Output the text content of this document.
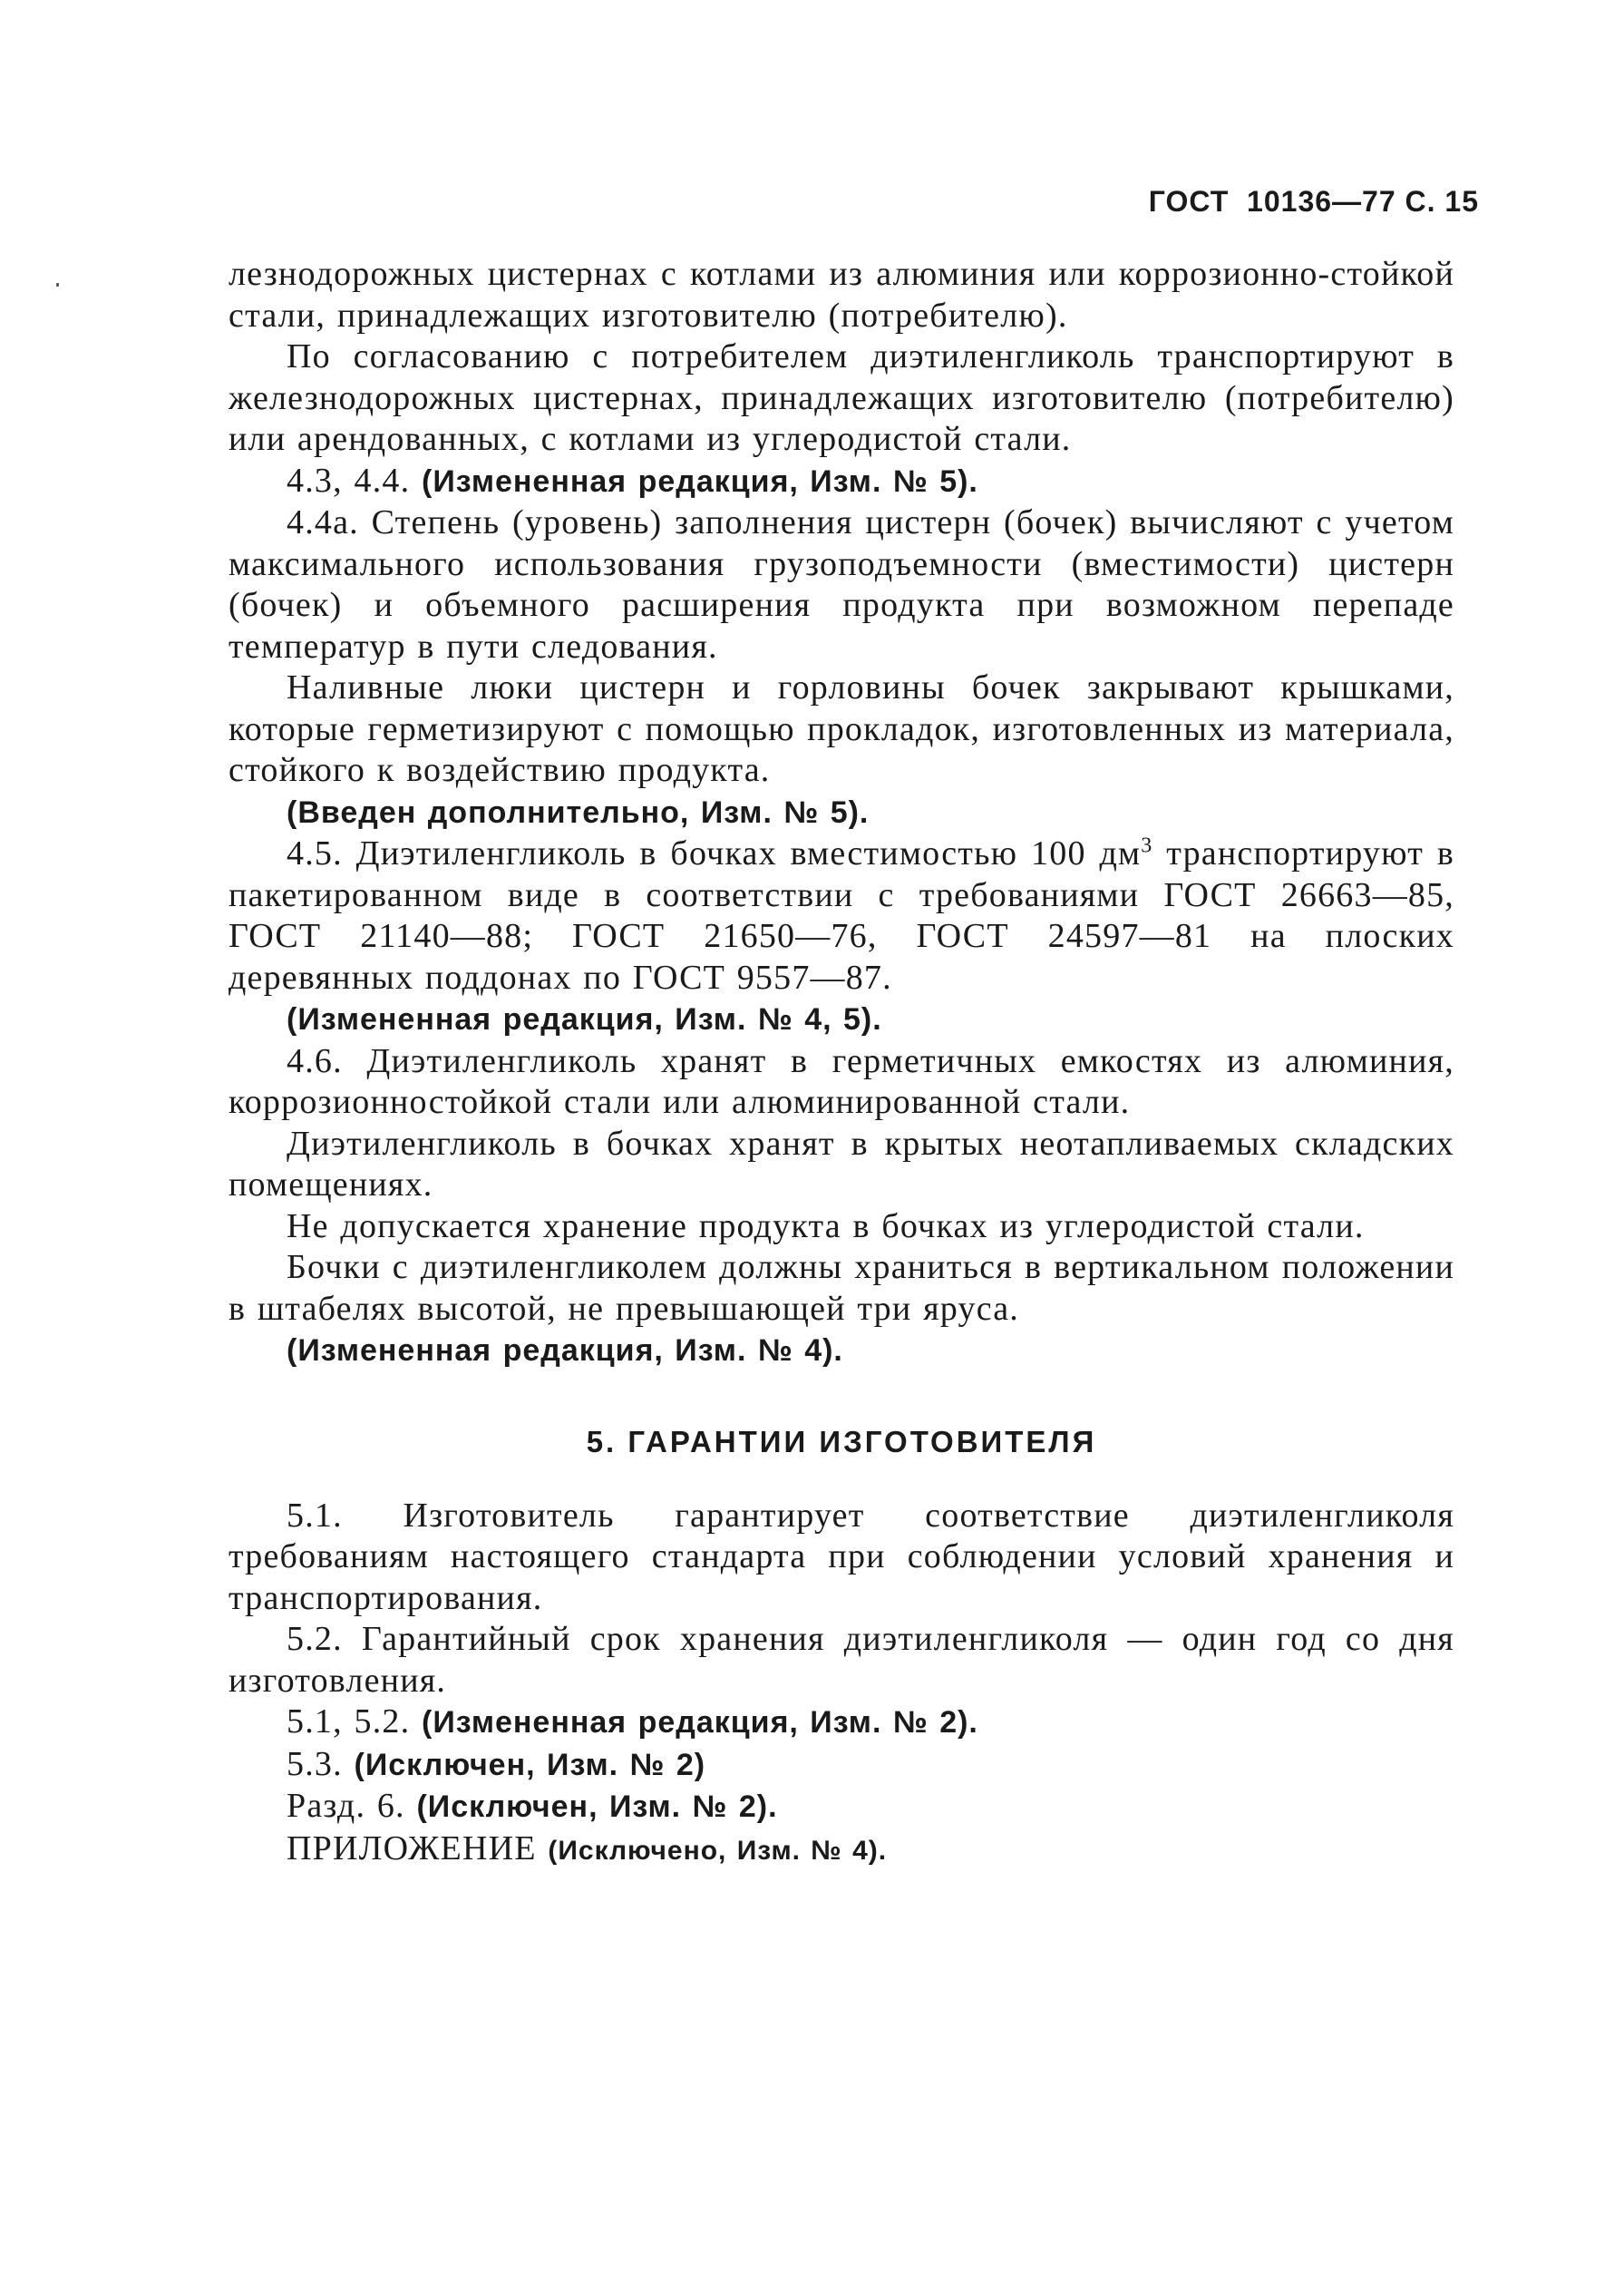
ГОСТ  10136—77 С. 15

лезнодорожных цистернах с котлами из алюминия или коррозионно-стойкой стали, принадлежащих изготовителю (потребителю).

По согласованию с потребителем диэтиленгликоль транспортируют в железнодорожных цистернах, принадлежащих изготовителю (потребителю) или арендованных, с котлами из углеродистой стали.

4.3, 4.4. (Измененная редакция, Изм. № 5).

4.4а. Степень (уровень) заполнения цистерн (бочек) вычисляют с учетом максимального использования грузоподъемности (вместимости) цистерн (бочек) и объемного расширения продукта при возможном перепаде температур в пути следования.

Наливные люки цистерн и горловины бочек закрывают крышками, которые герметизируют с помощью прокладок, изготовленных из материала, стойкого к воздействию продукта.

(Введен дополнительно, Изм. № 5).

4.5. Диэтиленгликоль в бочках вместимостью 100 $дм^3$ транспортируют в пакетированном виде в соответствии с требованиями ГОСТ 26663—85, ГОСТ 21140—88; ГОСТ 21650—76, ГОСТ 24597—81 на плоских деревянных поддонах по ГОСТ 9557—87.

(Измененная редакция, Изм. № 4, 5).

4.6. Диэтиленгликоль хранят в герметичных емкостях из алюминия, коррозионностойкой стали или алюминированной стали.

Диэтиленгликоль в бочках хранят в крытых неотапливаемых складских помещениях.

Не допускается хранение продукта в бочках из углеродистой стали.

Бочки с диэтиленгликолем должны храниться в вертикальном положении в штабелях высотой, не превышающей три яруса.

(Измененная редакция, Изм. № 4).

5. ГАРАНТИИ ИЗГОТОВИТЕЛЯ

5.1. Изготовитель гарантирует соответствие диэтиленгликоля требованиям настоящего стандарта при соблюдении условий хранения и транспортирования.

5.2. Гарантийный срок хранения диэтиленгликоля — один год со дня изготовления.

5.1, 5.2. (Измененная редакция, Изм. № 2).

5.3. (Исключен, Изм. № 2)

Разд. 6. (Исключен, Изм. № 2).

ПРИЛОЖЕНИЕ (Исключено, Изм. № 4).
